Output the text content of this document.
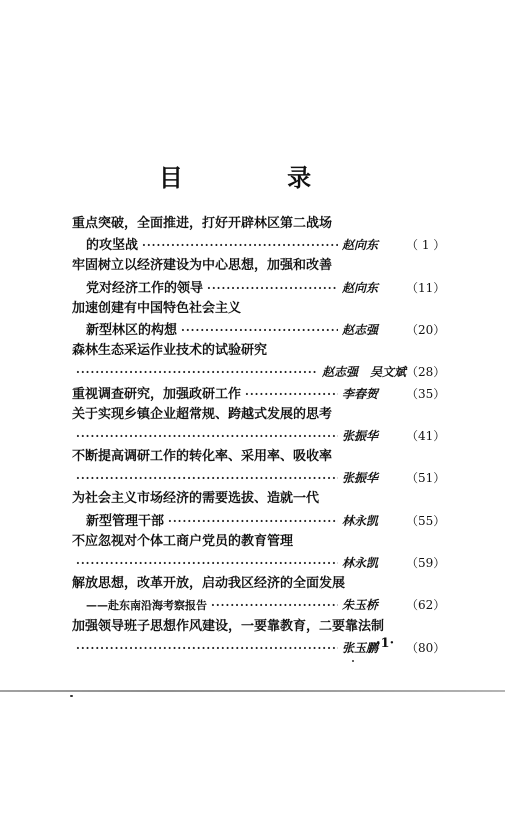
目 录
重点突破，全面推进，打好开辟林区第二战场
的攻坚战 ·····	赵向东	（ 1 ）
牢固树立以经济建设为中心思想，加强和改善
党对经济工作的领导 ·····	赵向东	（11）
加速创建有中国特色社会主义
新型林区的构想 ·····	赵志强	（20）
森林生态采运作业技术的试验研究
·····
赵志强　吴文斌 （28）
重视调查研究，加强政研工作 ·····	李春贺	（35）
关于实现乡镇企业超常规、跨越式发展的思考
·····
张振华	（41）
不断提高调研工作的转化率、采用率、吸收率
·····
张振华	（51）
为社会主义市场经济的需要选拔、造就一代
新型管理干部 ·····	林永凯	（55）
不应忽视对个体工商户党员的教育管理
·····
林永凯	（59）
解放思想，改革开放，启动我区经济的全面发展
——赴东南沿海考察报告 ·····	朱玉桥	（62）
加强领导班子思想作风建设，一要靠教育，二要靠法制
·····
张玉鹏	（80）
·1·
